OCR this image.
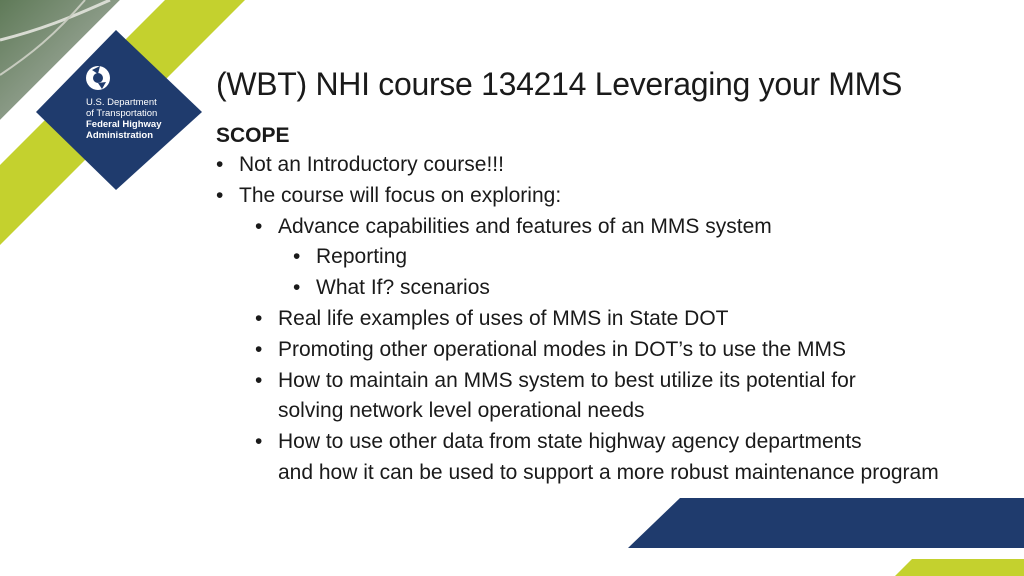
U.S. Department
of Transportation
Federal Highway
Administration
(WBT) NHI course 134214 Leveraging your MMS

SCOPE

• Not an Introductory course!!!
• The course will focus on exploring:
• Advance capabilities and features of an MMS system
• Reporting
• What If? scenarios
• Real life examples of uses of MMS in State DOT
• Promoting other operational modes in DOT’s to use the MMS
• How to maintain an MMS system to best utilize its potential for
solving network level operational needs
• How to use other data from state highway agency departments
and how it can be used to support a more robust maintenance program
